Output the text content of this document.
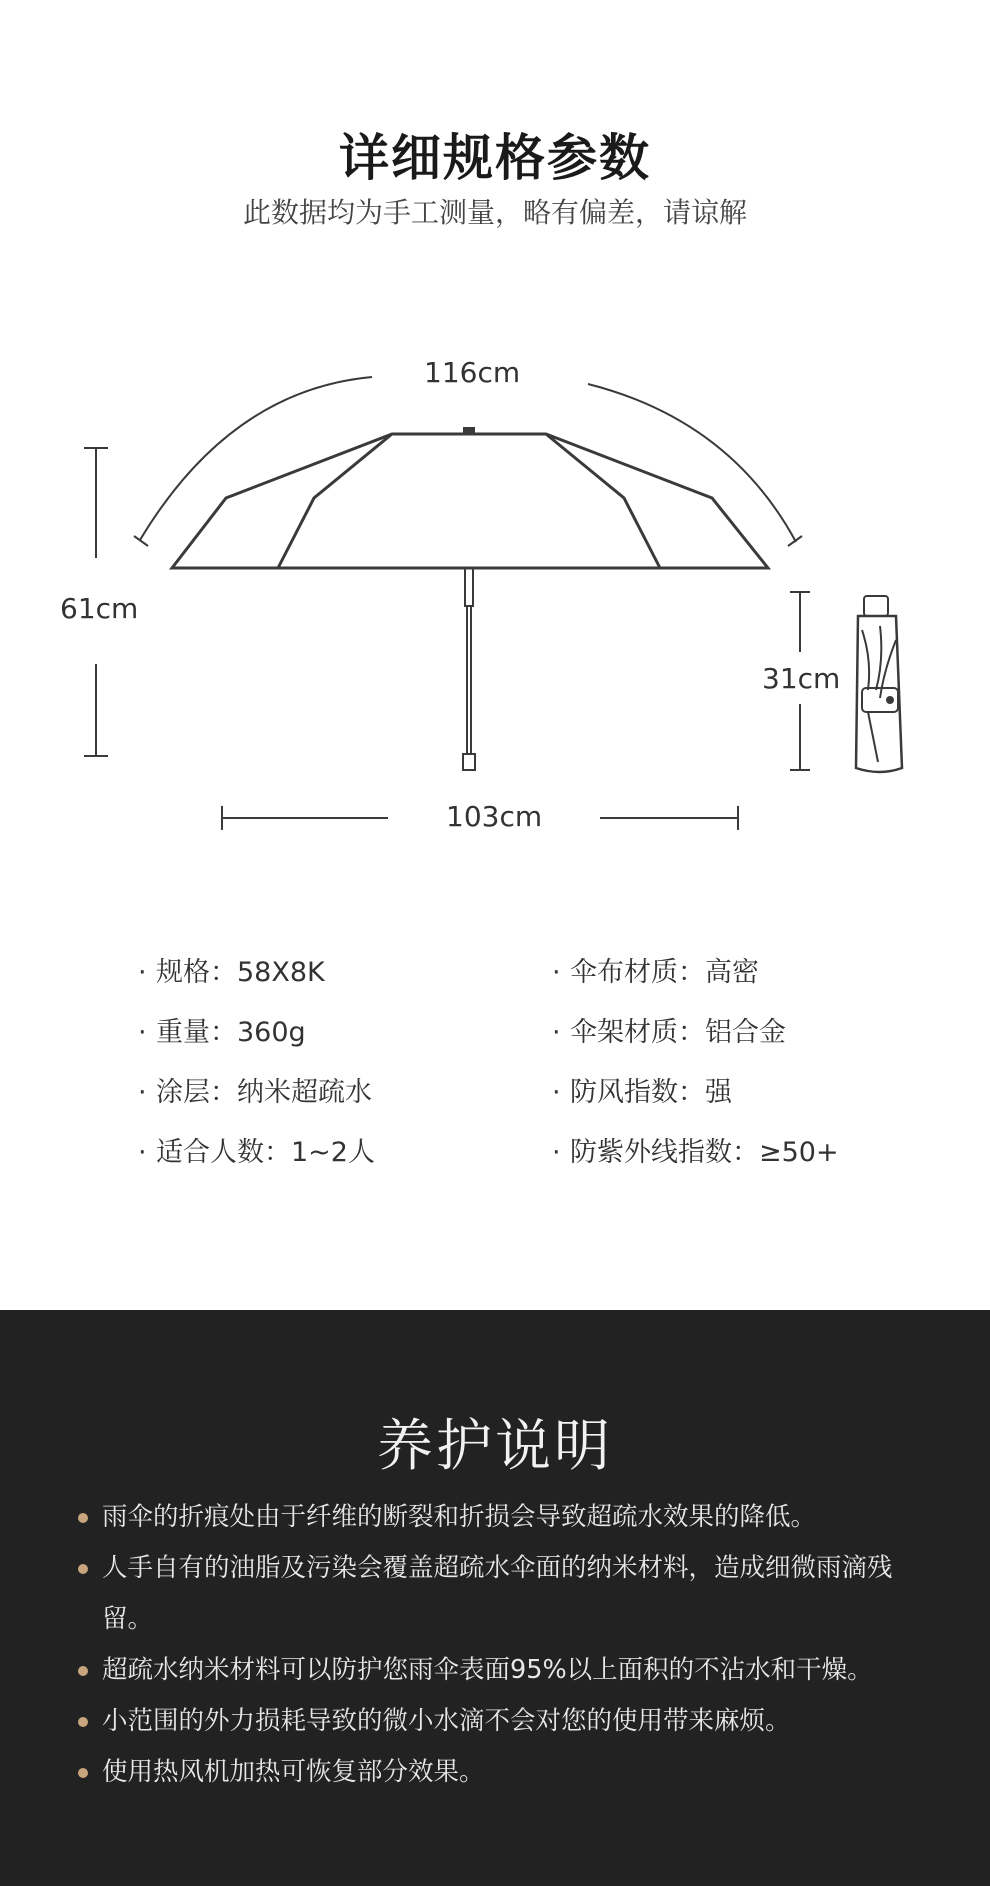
详细规格参数
此数据均为手工测量，略有偏差，请谅解
116cm
61cm
103cm
31cm
· 规格：58X8K
· 重量：360g
· 涂层：纳米超疏水
· 适合人数：1~2人
· 伞布材质：高密
· 伞架材质：铝合金
· 防风指数：强
· 防紫外线指数：≥50+
养护说明
雨伞的折痕处由于纤维的断裂和折损会导致超疏水效果的降低。
人手自有的油脂及污染会覆盖超疏水伞面的纳米材料，造成细微雨滴残留。
超疏水纳米材料可以防护您雨伞表面95%以上面积的不沾水和干燥。
小范围的外力损耗导致的微小水滴不会对您的使用带来麻烦。
使用热风机加热可恢复部分效果。
